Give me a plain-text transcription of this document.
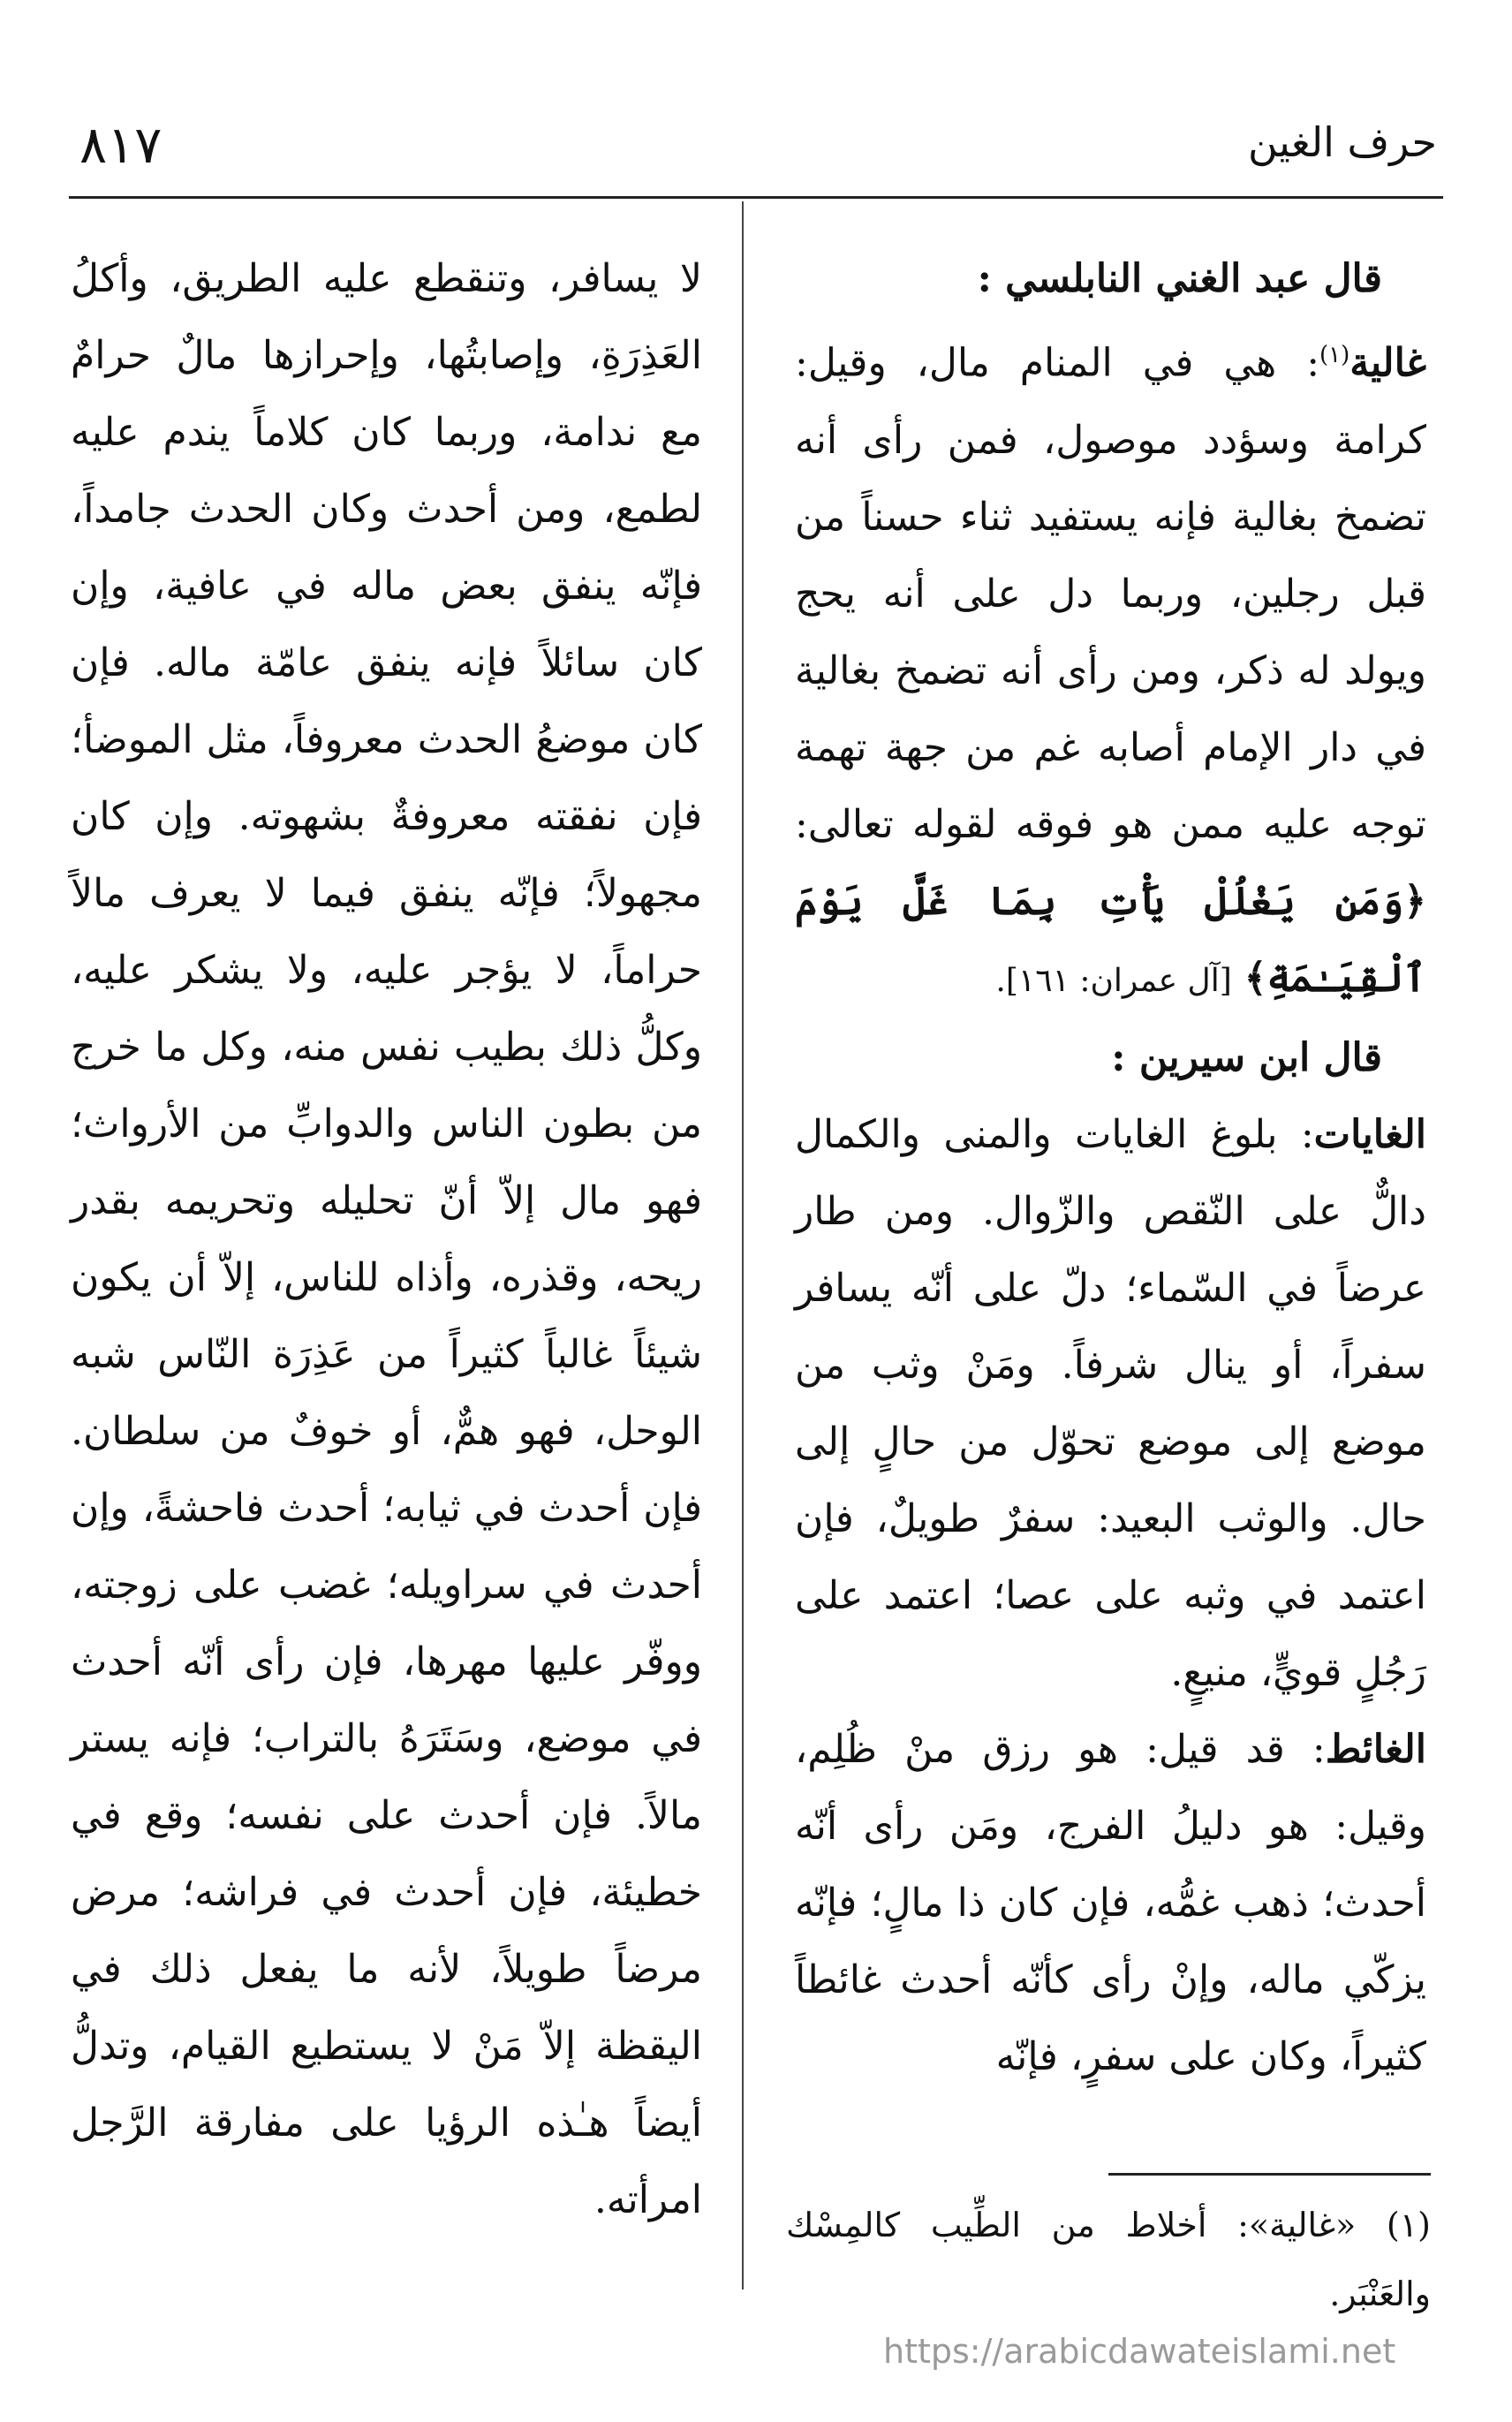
٨١٧	حرف الغين

قال عبد الغني النابلسي :

غالية$^{(١)}$: هي في المنام مال، وقيل: كرامة وسؤدد موصول، فمن رأى أنه تضمخ بغالية فإنه يستفيد ثناء حسناً من قبل رجلين، وربما دل على أنه يحج ويولد له ذكر، ومن رأى أنه تضمخ بغالية في دار الإمام أصابه غم من جهة تهمة توجه عليه ممن هو فوقه لقوله تعالى: ﴿وَمَن يَغْلُلْ يَأْتِ بِمَا غَلَّ يَوْمَ ٱلْقِيَـٰمَةِ﴾ [آل عمران: ١٦١].

قال ابن سيرين :

الغايات: بلوغ الغايات والمنى والكمال دالٌّ على النّقص والزّوال. ومن طار عرضاً في السّماء؛ دلّ على أنّه يسافر سفراً، أو ينال شرفاً. ومَنْ وثب من موضع إلى موضع تحوّل من حالٍ إلى حال. والوثب البعيد: سفرٌ طويلٌ، فإن اعتمد في وثبه على عصا؛ اعتمد على رَجُلٍ قويٍّ، منيعٍ.

الغائط: قد قيل: هو رزق منْ ظُلِم، وقيل: هو دليلُ الفرج، ومَن رأى أنّه أحدث؛ ذهب غمُّه، فإن كان ذا مالٍ؛ فإنّه يزكّي ماله، وإنْ رأى كأنّه أحدث غائطاً كثيراً، وكان على سفرٍ، فإنّه

لا يسافر، وتنقطع عليه الطريق، وأكلُ العَذِرَةِ، وإصابتُها، وإحرازها مالٌ حرامٌ مع ندامة، وربما كان كلاماً يندم عليه لطمع، ومن أحدث وكان الحدث جامداً، فإنّه ينفق بعض ماله في عافية، وإن كان سائلاً فإنه ينفق عامّة ماله. فإن كان موضعُ الحدث معروفاً، مثل الموضأ؛ فإن نفقته معروفةٌ بشهوته. وإن كان مجهولاً؛ فإنّه ينفق فيما لا يعرف مالاً حراماً، لا يؤجر عليه، ولا يشكر عليه، وكلُّ ذلك بطيب نفس منه، وكل ما خرج من بطون الناس والدوابِّ من الأرواث؛ فهو مال إلاّ أنّ تحليله وتحريمه بقدر ريحه، وقذره، وأذاه للناس، إلاّ أن يكون شيئاً غالباً كثيراً من عَذِرَة النّاس شبه الوحل، فهو همٌّ، أو خوفٌ من سلطان. فإن أحدث في ثيابه؛ أحدث فاحشةً، وإن أحدث في سراويله؛ غضب على زوجته، ووفّر عليها مهرها، فإن رأى أنّه أحدث في موضع، وسَتَرَهُ بالتراب؛ فإنه يستر مالاً. فإن أحدث على نفسه؛ وقع في خطيئة، فإن أحدث في فراشه؛ مرض مرضاً طويلاً، لأنه ما يفعل ذلك في اليقظة إلاّ مَنْ لا يستطيع القيام، وتدلُّ أيضاً هـٰذه الرؤيا على مفارقة الرَّجل امرأته.

(١) «غالية»: أخلاط من الطِّيب كالمِسْك والعَنْبَر.
https://arabicdawateislami.net
